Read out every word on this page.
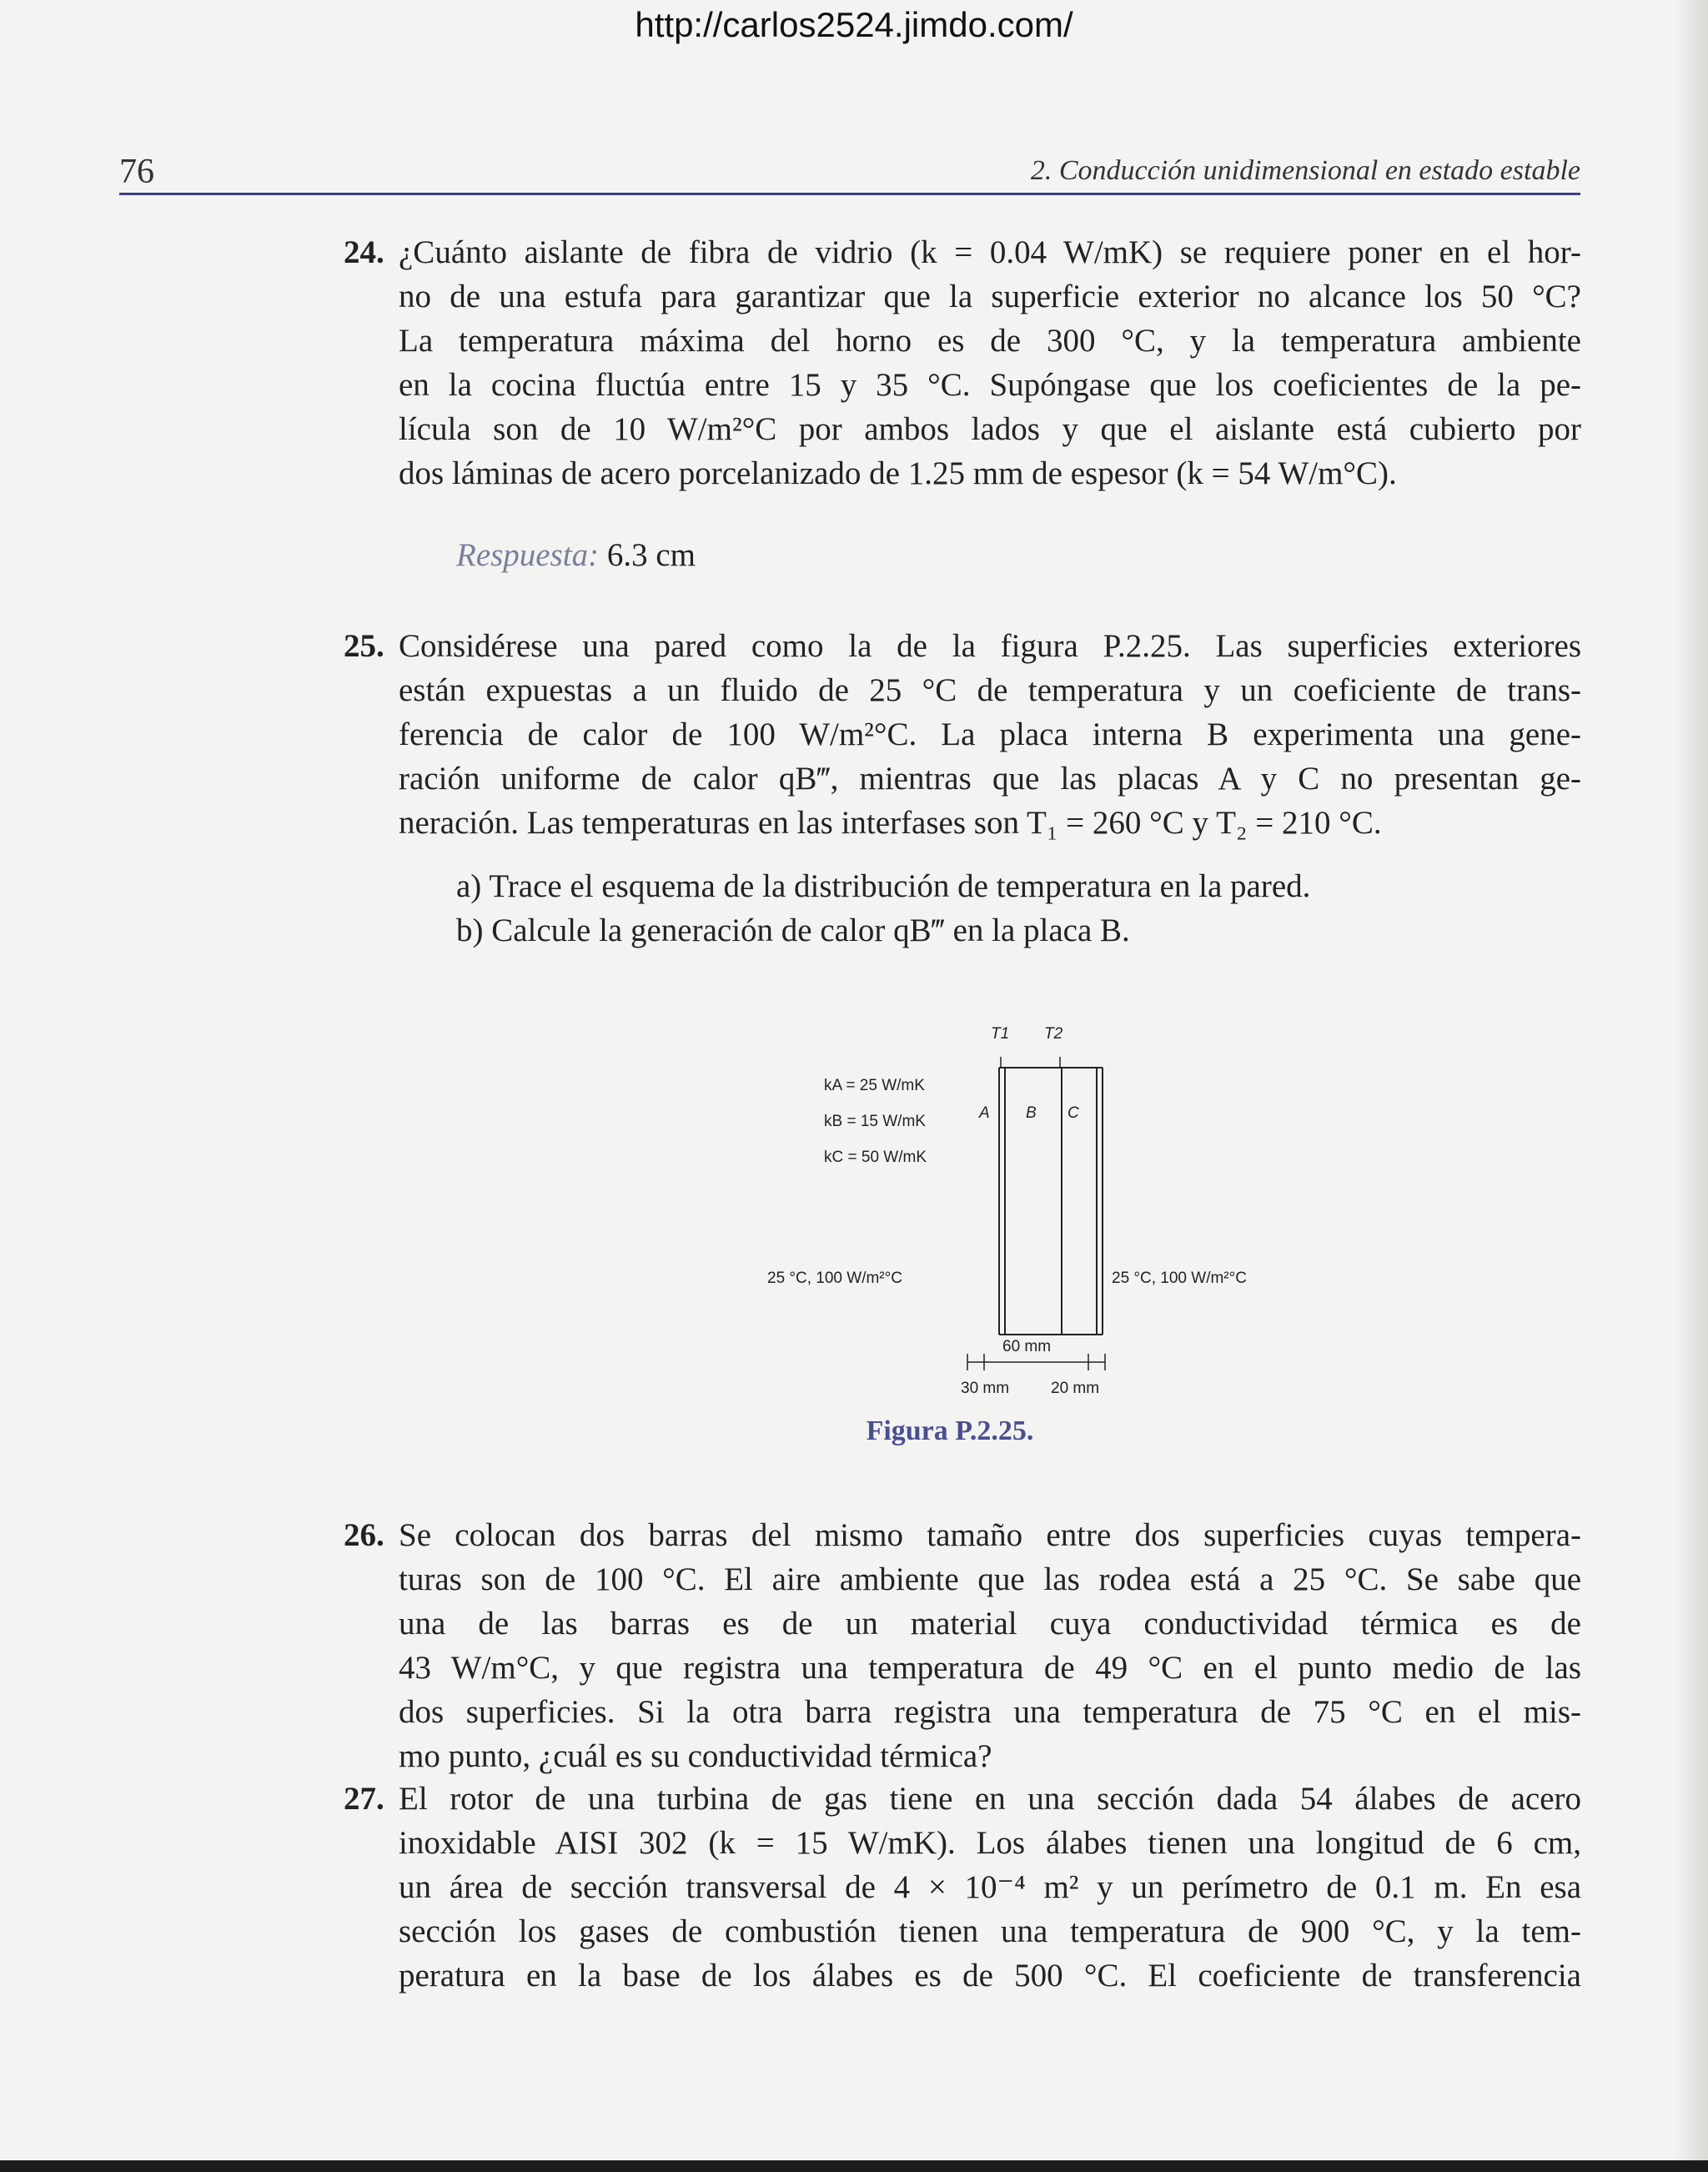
http://carlos2524.jimdo.com/
76	2. Conducción unidimensional en estado estable
24. ¿Cuánto aislante de fibra de vidrio (k = 0.04 W/mK) se requiere poner en el hor-
no de una estufa para garantizar que la superficie exterior no alcance los 50 °C?
La temperatura máxima del horno es de 300 °C, y la temperatura ambiente
en la cocina fluctúa entre 15 y 35 °C. Supóngase que los coeficientes de la pe-
lícula son de 10 W/m²°C por ambos lados y que el aislante está cubierto por
dos láminas de acero porcelanizado de 1.25 mm de espesor (k = 54 W/m°C).
Respuesta: 6.3 cm
25. Considérese una pared como la de la figura P.2.25. Las superficies exteriores
están expuestas a un fluido de 25 °C de temperatura y un coeficiente de trans-
ferencia de calor de 100 W/m²°C. La placa interna B experimenta una gene-
ración uniforme de calor qB‴, mientras que las placas A y C no presentan ge-
neración. Las temperaturas en las interfases son T₁ = 260 °C y T₂ = 210 °C.
a) Trace el esquema de la distribución de temperatura en la pared.
b) Calcule la generación de calor qB‴ en la placa B.
T1 T2
A B C
kA = 25 W/mK
kB = 15 W/mK
kC = 50 W/mK
25 °C, 100 W/m²°C	25 °C, 100 W/m²°C
60 mm
30 mm	20 mm
Figura P.2.25.
26. Se colocan dos barras del mismo tamaño entre dos superficies cuyas tempera-
turas son de 100 °C. El aire ambiente que las rodea está a 25 °C. Se sabe que
una de las barras es de un material cuya conductividad térmica es de
43 W/m°C, y que registra una temperatura de 49 °C en el punto medio de las
dos superficies. Si la otra barra registra una temperatura de 75 °C en el mis-
mo punto, ¿cuál es su conductividad térmica?
27. El rotor de una turbina de gas tiene en una sección dada 54 álabes de acero
inoxidable AISI 302 (k = 15 W/mK). Los álabes tienen una longitud de 6 cm,
un área de sección transversal de 4 × 10⁻⁴ m² y un perímetro de 0.1 m. En esa
sección los gases de combustión tienen una temperatura de 900 °C, y la tem-
peratura en la base de los álabes es de 500 °C. El coeficiente de transferencia
